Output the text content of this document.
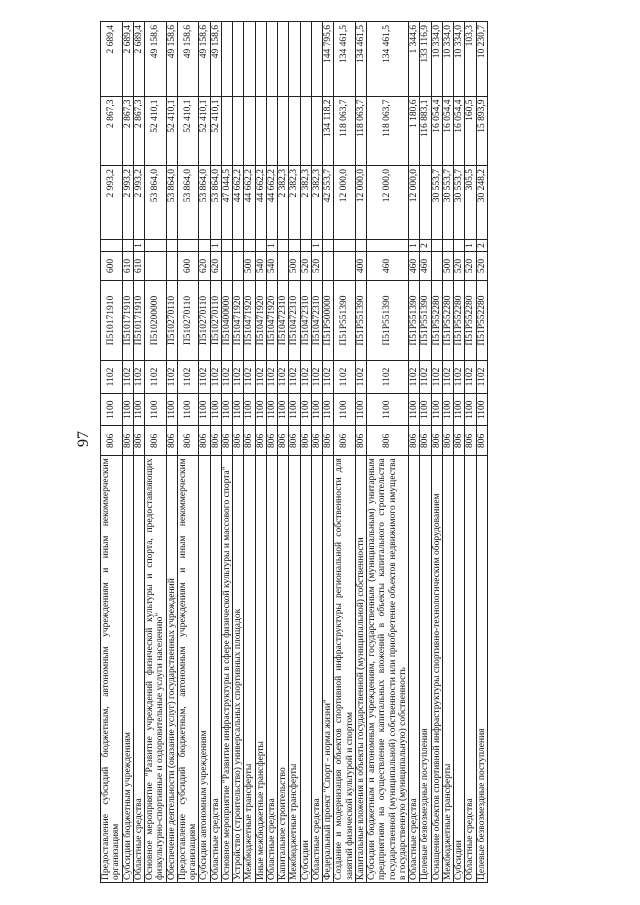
97
Предоставление субсидий бюджетным, автономным учреждениям и иным некоммерческим организациям	806	1100	1102	П510171910	600		2 993,2	2 867,3	2 689,4
Субсидии бюджетным учреждениям	806	1100	1102	П510171910	610		2 993,2	2 867,3	2 689,4
Областные средства	806	1100	1102	П510171910	610	1	2 993,2	2 867,3	2 689,4
Основное мероприятие "Развитие учреждений физической культуры и спорта, предоставляющих физкультурно-спортивные и оздоровительные услуги населению"	806	1100	1102	П510200000			53 864,0	52 410,1	49 158,6
Обеспечение деятельности (оказание услуг) государственных учреждений	806	1100	1102	П510270110			53 864,0	52 410,1	49 158,6
Предоставление субсидий бюджетным, автономным учреждениям и иным некоммерческим организациям	806	1100	1102	П510270110	600		53 864,0	52 410,1	49 158,6
Субсидии автономным учреждениям	806	1100	1102	П510270110	620		53 864,0	52 410,1	49 158,6
Областные средства	806	1100	1102	П510270110	620	1	53 864,0	52 410,1	49 158,6
Основное мероприятие "Развитие инфраструктуры в сфере физической культуры и массового спорта"	806	1100	1102	П510400000			47 044,5		
Устройство (строительство) универсальных спортивных площадок	806	1100	1102	П510471920			44 662,2		
Межбюджетные трансферты	806	1100	1102	П510471920	500		44 662,2		
Иные межбюджетные трансферты	806	1100	1102	П510471920	540		44 662,2		
Областные средства	806	1100	1102	П510471920	540	1	44 662,2		
Капитальное строительство	806	1100	1102	П510472310			2 382,3		
Межбюджетные трансферты	806	1100	1102	П510472310	500		2 382,3		
Субсидии	806	1100	1102	П510472310	520		2 382,3		
Областные средства	806	1100	1102	П510472310	520	1	2 382,3		
Федеральный проект "Спорт - норма жизни"	806	1100	1102	П51P500000			42 553,7	134 118,2	144 795,6
Создание и модернизация объектов спортивной инфраструктуры региональной собственности для занятий физической культурой и спортом	806	1100	1102	П51P551390			12 000,0	118 063,7	134 461,5
Капитальные вложения в объекты государственной (муниципальной) собственности	806	1100	1102	П51P551390	400		12 000,0	118 063,7	134 461,5
Субсидии бюджетным и автономным учреждениям, государственным (муниципальным) унитарным предприятиям на осуществление капитальных вложений в объекты капитального строительства государственной (муниципальной) собственности или приобретение объектов недвижимого имущества в государственную (муниципальную) собственность	806	1100	1102	П51P551390	460		12 000,0	118 063,7	134 461,5
Областные средства	806	1100	1102	П51P551390	460	1	12 000,0	1 180,6	1 344,6
Целевые безвозмездные поступления	806	1100	1102	П51P551390	460	2		116 883,1	133 116,9
Оснащение объектов спортивной инфраструктуры спортивно-технологическим оборудованием	806	1100	1102	П51P552280			30 553,7	16 054,4	10 334,0
Межбюджетные трансферты	806	1100	1102	П51P552280	500		30 553,7	16 054,4	10 334,0
Субсидии	806	1100	1102	П51P552280	520		30 553,7	16 054,4	10 334,0
Областные средства	806	1100	1102	П51P552280	520	1	305,5	160,5	103,3
Целевые безвозмездные поступления	806	1100	1102	П51P552280	520	2	30 248,2	15 893,9	10 230,7
